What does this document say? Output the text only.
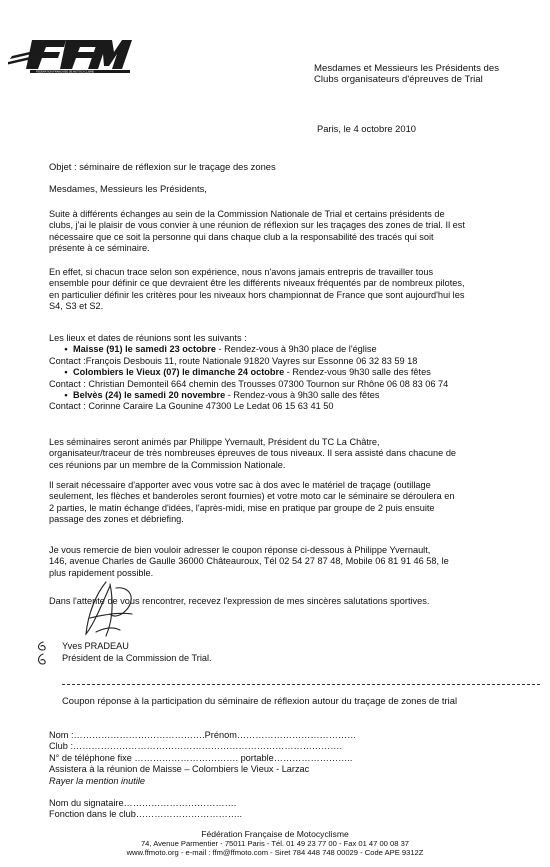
FEDERATION FRANCAISE DE MOTOCYCLISME	Mesdames et Messieurs les Présidents des
Clubs organisateurs d'épreuves de Trial
Paris, le 4 octobre 2010
Objet : séminaire de réflexion sur le traçage des zones
Mesdames, Messieurs les Présidents,
Suite à différents échanges au sein de la Commission Nationale de Trial et certains présidents de
clubs, j'ai le plaisir de vous convier à une réunion de réflexion sur les traçages des zones de trial. Il est
nécessaire que ce soit la personne qui dans chaque club a la responsabilité des tracés qui soit
présente à ce séminaire.
En effet, si chacun trace selon son expérience, nous n'avons jamais entrepris de travailler tous
ensemble pour définir ce que devraient être les différents niveaux fréquentés par de nombreux pilotes,
en particulier définir les critères pour les niveaux hors championnat de France que sont aujourd'hui les
S4, S3 et S2.
Les lieux et dates de réunions sont les suivants :
• Maisse (91) le samedi 23 octobre - Rendez-vous à 9h30 place de l'église
Contact :François Desbouis 11, route Nationale 91820 Vayres sur Essonne 06 32 83 59 18
• Colombiers le Vieux (07) le dimanche 24 octobre - Rendez-vous 9h30 salle des fêtes
Contact : Christian Demonteil 664 chemin des Trousses 07300 Tournon sur Rhône 06 08 83 06 74
• Belvès (24) le samedi 20 novembre - Rendez-vous à 9h30 salle des fêtes
Contact : Corinne Caraire La Gounine 47300 Le Ledat 06 15 63 41 50
Les séminaires seront animés par Philippe Yvernault, Président du TC La Châtre,
organisateur/traceur de très nombreuses épreuves de tous niveaux. Il sera assisté dans chacune de
ces réunions par un membre de la Commission Nationale.
Il serait nécessaire d'apporter avec vous votre sac à dos avec le matériel de traçage (outillage
seulement, les flèches et banderoles seront fournies) et votre moto car le séminaire se déroulera en
2 parties, le matin échange d'idées, l'après-midi, mise en pratique par groupe de 2 puis ensuite
passage des zones et débriefing.
Je vous remercie de bien vouloir adresser le coupon réponse ci-dessous à Philippe Yvernault,
146, avenue Charles de Gaulle 36000 Châteauroux, Tél 02 54 27 87 48, Mobile 06 81 91 46 58, le
plus rapidement possible.
Dans l'attente de vous rencontrer, recevez l'expression de mes sincères salutations sportives.
Yves PRADEAU
Président de la Commission de Trial.
Coupon réponse à la participation du séminaire de réflexion autour du traçage de zones de trial
Nom :…………………………………….Prénom…………………………………
Club :…………………………………………………………………………….
N° de téléphone fixe ……………………………. portable……………………..
Assistera à la réunion de Maisse – Colombiers le Vieux - Larzac
Rayer la mention inutile
Nom du signataire……………………………….
Fonction dans le club……………………………..
Fédération Française de Motocyclisme
74, Avenue Parmentier - 75011 Paris - Tél. 01 49 23 77 00 - Fax 01 47 00 08 37
www.ffmoto.org - e-mail : ffm@ffmoto.com - Siret 784 448 748 00029 - Code APE 9312Z
